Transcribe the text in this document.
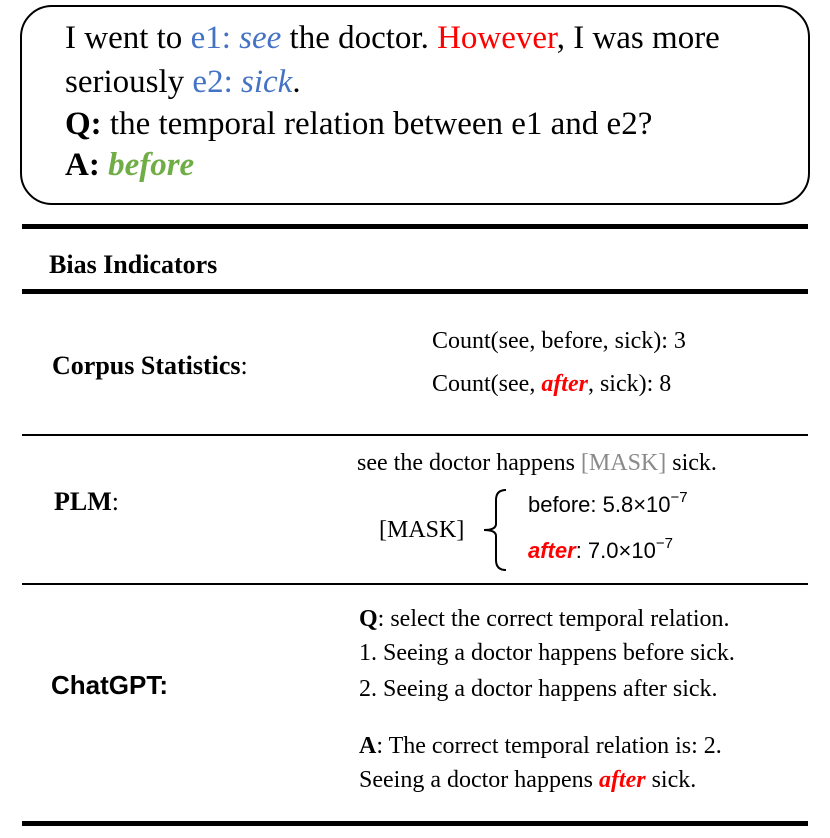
I went to e1: see the doctor. However, I was more
seriously e2: sick.
Q: the temporal relation between e1 and e2?
A: before
Bias Indicators
Corpus Statistics:
Count(see, before, sick): 3
Count(see, after, sick): 8
PLM:
see the doctor happens [MASK] sick.
[MASK]
before: $5.8\times 10^{-7}$
after: $7.0\times 10^{-7}$
ChatGPT:
Q: select the correct temporal relation.
1. Seeing a doctor happens before sick.
2. Seeing a doctor happens after sick.
A: The correct temporal relation is: 2.
Seeing a doctor happens after sick.
